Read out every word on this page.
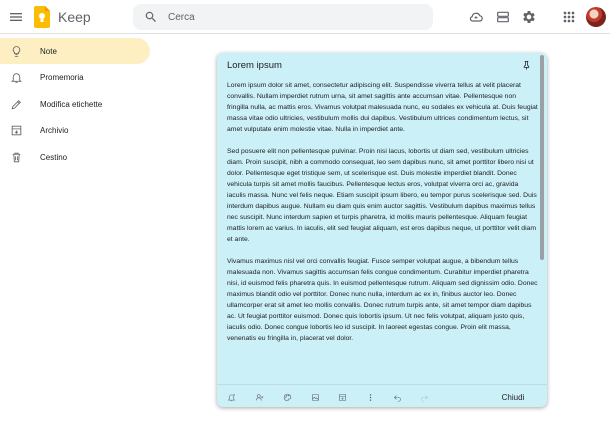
Keep	Cerca
Note
Promemoria
Modifica etichette
Archivio
Cestino
Lorem ipsum

Lorem ipsum dolor sit amet, consectetur adipiscing elit. Suspendisse viverra tellus at velit placerat convallis. Nullam imperdiet rutrum urna, sit amet sagittis ante accumsan vitae. Pellentesque non fringilla nulla, ac mattis eros. Vivamus volutpat malesuada nunc, eu sodales ex vehicula at. Duis feugiat massa vitae odio ultricies, vestibulum mollis dui dapibus. Vestibulum ultrices condimentum lectus, sit amet vulputate enim molestie vitae. Nulla in imperdiet ante.

Sed posuere elit non pellentesque pulvinar. Proin nisi lacus, lobortis ut diam sed, vestibulum ultricies diam. Proin suscipit, nibh a commodo consequat, leo sem dapibus nunc, sit amet porttitor libero nisi ut dolor. Pellentesque eget tristique sem, ut scelerisque est. Duis molestie imperdiet blandit. Donec vehicula turpis sit amet mollis faucibus. Pellentesque lectus eros, volutpat viverra orci ac, gravida iaculis massa. Nunc vel felis neque. Etiam suscipit ipsum libero, eu tempor purus scelerisque sed. Duis interdum dapibus augue. Nullam eu diam quis enim auctor sagittis. Vestibulum dapibus maximus tellus nec suscipit. Nunc interdum sapien et turpis pharetra, id mollis mauris pellentesque. Aliquam feugiat mattis lorem ac varius. In iaculis, elit sed feugiat aliquam, est eros dapibus neque, ut porttitor velit diam et ante.

Vivamus maximus nisl vel orci convallis feugiat. Fusce semper volutpat augue, a bibendum tellus malesuada non. Vivamus sagittis accumsan felis congue condimentum. Curabitur imperdiet pharetra nisi, id euismod felis pharetra quis. In euismod pellentesque rutrum. Aliquam sed dignissim odio. Donec maximus blandit odio vel porttitor. Donec nunc nulla, interdum ac ex in, finibus auctor leo. Donec ullamcorper erat sit amet leo mollis convallis. Donec rutrum turpis ante, sit amet tempor diam dapibus ac. Ut feugiat porttitor euismod. Donec quis lobortis ipsum. Ut nec felis volutpat, aliquam justo quis, iaculis odio. Donec congue lobortis leo id suscipit. In laoreet egestas congue. Proin elit massa, venenatis eu fringilla in, placerat vel dolor.

Chiudi
